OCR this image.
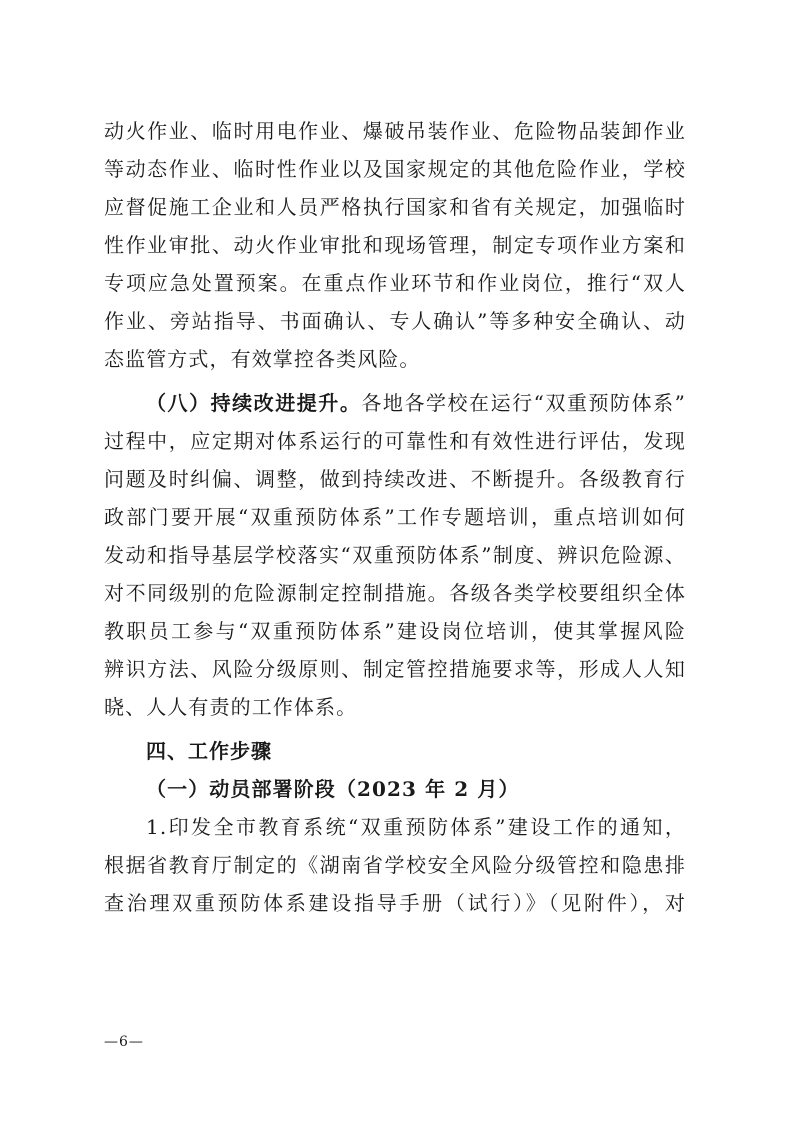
动火作业、临时用电作业、爆破吊装作业、危险物品装卸作业
等动态作业、临时性作业以及国家规定的其他危险作业，学校
应督促施工企业和人员严格执行国家和省有关规定，加强临时
性作业审批、动火作业审批和现场管理，制定专项作业方案和
专项应急处置预案。在重点作业环节和作业岗位，推行“双人
作业、旁站指导、书面确认、专人确认”等多种安全确认、动
态监管方式，有效掌控各类风险。
（八）持续改进提升。各地各学校在运行“双重预防体系”
过程中，应定期对体系运行的可靠性和有效性进行评估，发现
问题及时纠偏、调整，做到持续改进、不断提升。各级教育行
政部门要开展“双重预防体系”工作专题培训，重点培训如何
发动和指导基层学校落实“双重预防体系”制度、辨识危险源、
对不同级别的危险源制定控制措施。各级各类学校要组织全体
教职员工参与“双重预防体系”建设岗位培训，使其掌握风险
辨识方法、风险分级原则、制定管控措施要求等，形成人人知
晓、人人有责的工作体系。
四、工作步骤
（一）动员部署阶段（2023 年 2 月）
1.印发全市教育系统“双重预防体系”建设工作的通知，
根据省教育厅制定的《湖南省学校安全风险分级管控和隐患排
查治理双重预防体系建设指导手册（试行）》（见附件），对
—6—
